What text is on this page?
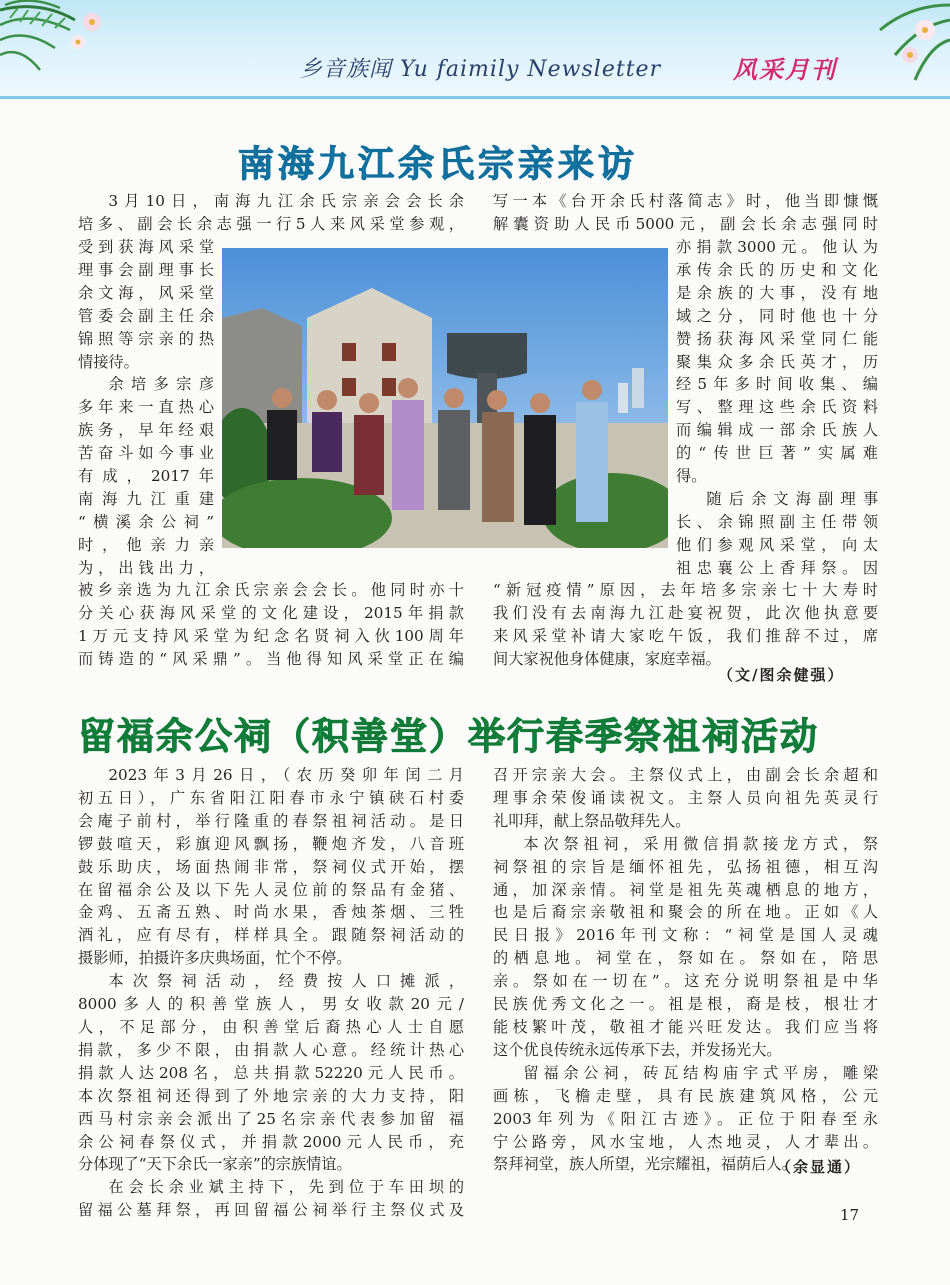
乡音族闻 Yu faimily Newsletter	风采月刊
南海九江余氏宗亲来访

3月10日，南海九江余氏宗亲会会长余

培多、副会长余志强一行5人来风采堂参观，

受到获海风采堂

理事会副理事长

余文海，风采堂

管委会副主任余

锦照等宗亲的热

情接待。

余培多宗彦

多年来一直热心

族务，早年经艰

苦奋斗如今事业

有成，2017年

南海九江重建

“横溪余公祠”

时，他亲力亲

为，出钱出力，

被乡亲选为九江余氏宗亲会会长。他同时亦十

分关心获海风采堂的文化建设，2015年捐款

1万元支持风采堂为纪念名贤祠入伙100周年

而铸造的“风采鼎”。当他得知风采堂正在编

写一本《台开余氏村落简志》时，他当即慷慨

解囊资助人民币5000元，副会长余志强同时

亦捐款3000元。他认为

承传余氏的历史和文化

是余族的大事，没有地

域之分，同时他也十分

赞扬获海风采堂同仁能

聚集众多余氏英才，历

经5年多时间收集、编

写、整理这些余氏资料

而编辑成一部余氏族人

的“传世巨著”实属难

得。

随后余文海副理事

长、余锦照副主任带领

他们参观风采堂，向太

祖忠襄公上香拜祭。因

“新冠疫情”原因，去年培多宗亲七十大寿时

我们没有去南海九江赴宴祝贺，此次他执意要

来风采堂补请大家吃午饭，我们推辞不过，席

间大家祝他身体健康，家庭幸福。

（文/图余健强）
留福余公祠（积善堂）举行春季祭祖祠活动

2023年3月26日，（农历癸卯年闰二月

初五日），广东省阳江阳春市永宁镇硖石村委

会庵子前村，举行隆重的春祭祖祠活动。是日

锣鼓喧天，彩旗迎风飘扬，鞭炮齐发，八音班

鼓乐助庆，场面热闹非常，祭祠仪式开始，摆

在留福余公及以下先人灵位前的祭品有金猪、

金鸡、五斋五熟、时尚水果，香烛茶烟、三牲

酒礼，应有尽有，样样具全。跟随祭祠活动的

摄影师，拍摄许多庆典场面，忙个不停。

本次祭祠活动，经费按人口摊派，

8000多人的积善堂族人，男女收款20元/

人，不足部分，由积善堂后裔热心人士自愿

捐款，多少不限，由捐款人心意。经统计热心

捐款人达208名，总共捐款52220元人民币。

本次祭祖祠还得到了外地宗亲的大力支持，阳

西马村宗亲会派出了25名宗亲代表参加留 福

余公祠春祭仪式，并捐款2000元人民币，充

分体现了“天下余氏一家亲”的宗族情谊。

在会长余业斌主持下，先到位于车田坝的

留福公墓拜祭，再回留福公祠举行主祭仪式及

召开宗亲大会。主祭仪式上，由副会长余超和

理事余荣俊诵读祝文。主祭人员向祖先英灵行

礼叩拜，献上祭品敬拜先人。

本次祭祖祠，采用微信捐款接龙方式，祭

祠祭祖的宗旨是缅怀祖先，弘扬祖德，相互沟

通，加深亲情。祠堂是祖先英魂栖息的地方，

也是后裔宗亲敬祖和聚会的所在地。正如《人

民日报》2016年刊文称：“祠堂是国人灵魂

的栖息地。祠堂在，祭如在。祭如在，陪思

亲。祭如在一切在”。这充分说明祭祖是中华

民族优秀文化之一。祖是根，裔是枝，根壮才

能枝繁叶茂，敬祖才能兴旺发达。我们应当将

这个优良传统永远传承下去，并发扬光大。

留福余公祠，砖瓦结构庙宇式平房，雕梁

画栋，飞檐走壁，具有民族建筑风格，公元

2003年列为《阳江古迹》。正位于阳春至永

宁公路旁，风水宝地，人杰地灵，人才辈出。

祭拜祠堂，族人所望，光宗耀祖，福荫后人。

（余显通）
17
